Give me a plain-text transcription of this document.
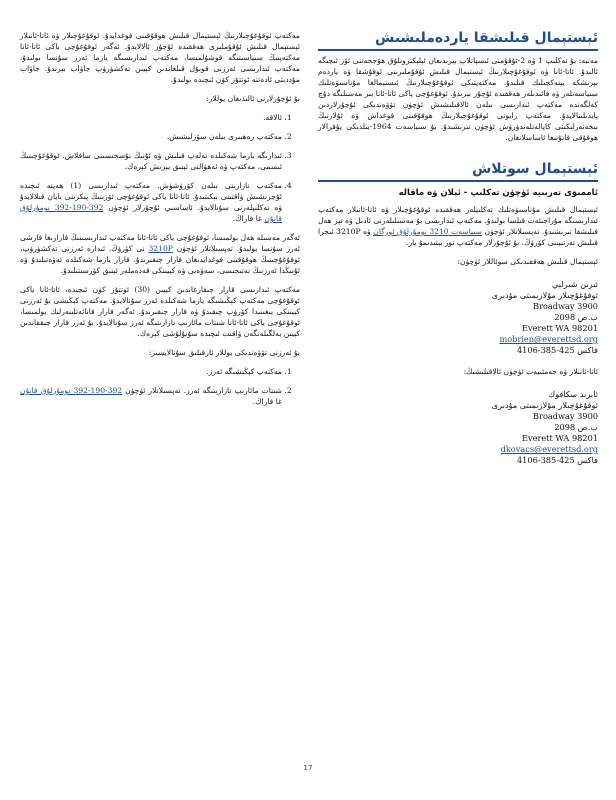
ئېستېمال قىلىشقا ياردەملىشىش

مەنبە: بۇ تەكلىپ 1 ۋە 2-ئۇقۇمنى ئىسپاتلاپ بېرىدىغان ئېلېكترونلۇق ھۆججەتنى ئۆز ئىچىگە ئالىدۇ. ئاتا-ئانا ۋە ئوقۇغۇچىلارنىڭ ئېستېمال قىلىش ئۇقۇملىرىنى ئوقۇشقا ۋە ياردەم بېرىشكە يېتەكچىلىك قىلىدۇ. مەكتەپتىكى ئوقۇغۇچىلارنىڭ ئىستېمالغا مۇناسىۋەتلىك سىياسەتلەر ۋە قائىدىلەر ھەققىدە ئۇچۇر بېرىدۇ. ئوقۇغۇچى ياكى ئاتا-ئانا بىر مەسىلىگە دۇچ كەلگەندە مەكتەپ ئىدارىسى بىلەن ئالاقىلىشىش ئۈچۈن تۆۋەندىكى ئۇچۇرلاردىن پايدىلىنالايدۇ. مەكتەپ رايونى ئوقۇغۇچىلارنىڭ ھوقۇقىنى قوغداش ۋە ئۇلارنىڭ بىخەتەرلىكىنى كاپالەتلەندۈرۈش ئۈچۈن تىرىشىدۇ. بۇ سىياسەت 1964-يىلدىكى پۇقرالار ھوقۇقى قانۇنىغا ئاساسلانغان.

ئېستېمال سوتلاش
ئاممىۋى تەربىيە ئۈچۈن تەكلىپ - ئېلان ۋە ماقالە

ئېستېمال قىلىش مۇناسىۋەتلىك تەكلىپلەر ھەققىدە ئوقۇغۇچىلار ۋە ئاتا-ئانىلار مەكتەپ ئىدارىسىگە مۇراجىئەت قىلسا بولىدۇ. مەكتەپ ئىدارىسى بۇ مەسىلىلەرنى ئادىل ۋە تېز ھەل قىلىشقا تىرىشىدۇ. تەپسىلاتلار ئۈچۈن سىياسەت 3210 نومۇرلۇق ئورگان ۋە 3210P ئىجرا قىلىش تەرتىپىنى كۆرۈڭ. بۇ ئۇچۇرلار مەكتەپ تور بېتىدىمۇ بار.

ئېستېمال قىلىش ھەققىدىكى سوئاللار ئۈچۈن:

ئىرىن شىرلېي
ئوقۇغۇچىلار مۇلازىمىتى مۇدىرى
3900 Broadway
ب.ص 2098
Everett WA 98201
mobrien@everettsd.org
فاكس 425-385-4106

ئاتا-ئانىلار ۋە جەمئىيەت ئۈچۈن ئالاقىلىشىڭ:

ئابرىد سكافوك
ئوقۇغۇچىلار مۇلازىمىتى مۇدىرى
3900 Broadway
ب.ص 2098
Everett WA 98201
dkovacs@everettsd.org
فاكس 425-385-4106

مەكتەپ ئوقۇغۇچىلارنىڭ ئېستېمال قىلىش ھوقۇقىنى قوغدايدۇ. ئوقۇغۇچىلار ۋە ئاتا-ئانىلار ئېستېمال قىلىش ئۇقۇملىرى ھەققىدە ئۇچۇر ئالالايدۇ. ئەگەر ئوقۇغۇچى ياكى ئاتا-ئانا مەكتەپنىڭ سىياسىتىگە قوشۇلمىسا، مەكتەپ ئىدارىسىگە يازما ئەرز سۇنسا بولىدۇ. مەكتەپ ئىدارىسى ئەرزنى قوبۇل قىلغاندىن كېيىن تەكشۈرۈپ جاۋاب بېرىدۇ. جاۋاب مۇددىتى ئادەتتە ئوتتۇز كۈن ئىچىدە بولىدۇ.

بۇ ئۇچۇرلارنى ئالىدىغان يوللار:

1. ئالاقە.
2. مەكتەپ رەھبىرى بىلەن سۆزلىشىش.
3. ئىدارىگە يازما شەكىلدە تەلەپ قىلىش ۋە ئۇنىڭ نۇسخىسىنى ساقلاش. ئوقۇغۇچىنىڭ ئىسمى، مەكتەپ ۋە ئەھۋالنى ئېنىق يېزىش كېرەك.
4. مەكتەپ نازارىتى بىلەن كۆرۈشۈش. مەكتەپ ئىدارىسى (1) ھەپتە ئىچىدە ئۇچرىشىش ۋاقتىنى بېكىتىدۇ. ئاتا-ئانا ياكى ئوقۇغۇچى ئۆزىنىڭ پىكرىنى بايان قىلالايدۇ ۋە تەكلىپلەرنى سۇنالايدۇ. ئاساسىي ئۇچۇرلار ئۈچۈن 392-190-392 نومۇرلۇق قانۇن غا قاراڭ.

ئەگەر مەسىلە ھەل بولمىسا، ئوقۇغۇچى ياكى ئاتا-ئانا مەكتەپ ئىدارىسىنىڭ قارارىغا قارشى ئەرز سۇنسا بولىدۇ. تەپسىلاتلار ئۈچۈن 3210P نى كۆرۈڭ. ئىدارە ئەرزنى تەكشۈرۈپ، ئوقۇغۇچىنىڭ ھوقۇقىنى قوغدايدىغان قارار چىقىرىدۇ. قارار يازما شەكىلدە ئەۋەتىلىدۇ ۋە ئۇنىڭدا ئەرزنىڭ نەتىجىسى، سەۋەبى ۋە كېيىنكى قەدەملەر ئېنىق كۆرسىتىلىدۇ.

مەكتەپ ئىدارىسى قارار چىقارغاندىن كېيىن (30) ئوتتۇز كۈن ئىچىدە، ئاتا-ئانا ياكى ئوقۇغۇچى مەكتەپ كېڭىشىگە يازما شەكىلدە ئەرز سۇنالايدۇ. مەكتەپ كېڭىشى بۇ ئەرزنى كېيىنكى يىغىنىدا كۆرۈپ چىقىدۇ ۋە قارار چىقىرىدۇ. ئەگەر قارار قانائەتلىنەرلىك بولمىسا، ئوقۇغۇچى ياكى ئاتا-ئانا شىتات مائارىپ نازارىتىگە ئەرز سۇنالايدۇ. بۇ ئەرز قارار چىققاندىن كېيىن بەلگىلەنگەن ۋاقىت ئىچىدە سۇنۇلۇشى كېرەك.

بۇ ئەرزنى تۆۋەندىكى يوللار ئارقىلىق سۇنالايسىز:

1. مەكتەپ كېڭىشىگە ئەرز.
2. شىتات مائارىپ نازارىتىگە ئەرز. تەپسىلاتلار ئۈچۈن 392-190-392 نومۇرلۇق قانۇن غا قاراڭ.
17
